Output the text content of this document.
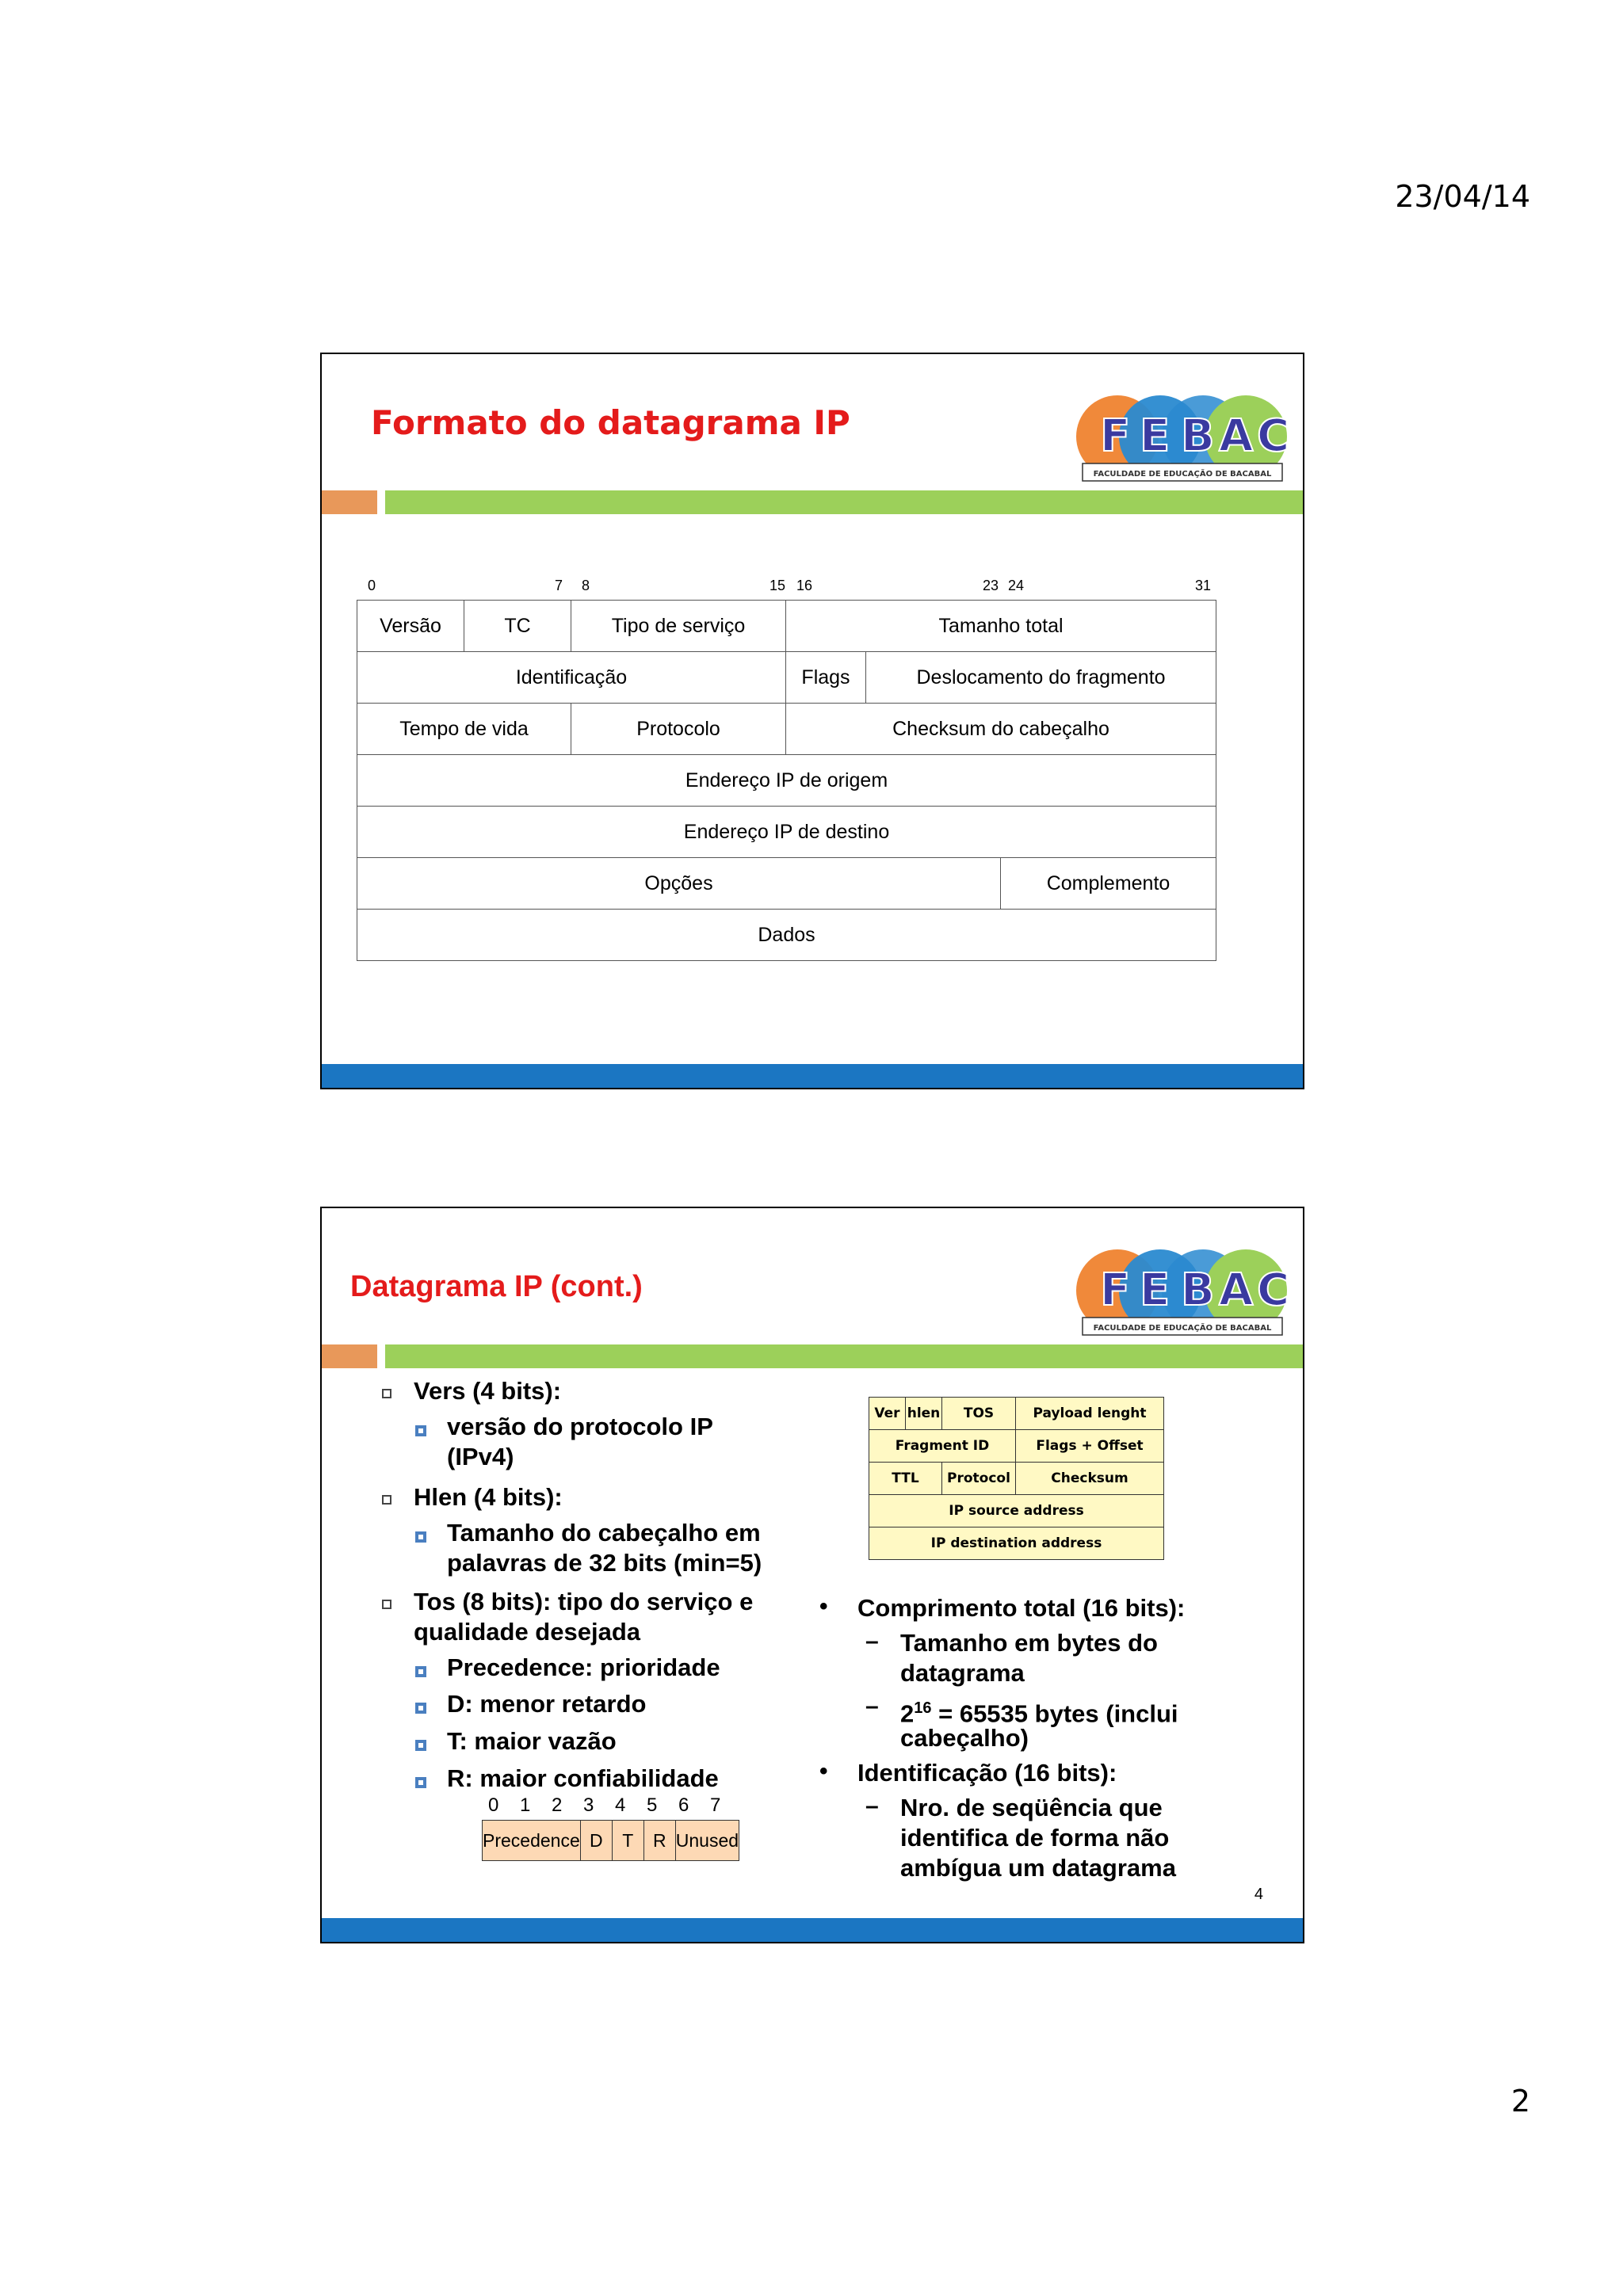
23/04/14
Formato do datagrama IP
FACULDADE DE EDUCAÇÃO DE BACABAL
F E B A C
0	7 8	15 16	23 24	31
Versão	TC	Tipo de serviço	Tamanho total		
Identificação			Flags	Deslocamento do fragmento	
Tempo de vida		Protocolo	Checksum do cabeçalho		
Endereço IP de origem					
Endereço IP de destino					
Opções					Complemento
Dados					
Datagrama IP (cont.)
FACULDADE DE EDUCAÇÃO DE BACABAL
F E B A C
Vers (4 bits):
versão do protocolo IP
(IPv4)
Hlen (4 bits):
Tamanho do cabeçalho em
palavras de 32 bits (min=5)
Tos (8 bits): tipo do serviço e
qualidade desejada
Precedence: prioridade
D: menor retardo
T: maior vazão
R: maior confiabilidade
0 1 2 3 4 5 6 7
Precedence	D	T	R	Unused
Ver	hlen	TOS	Payload lenght
Fragment ID			Flags + Offset
TTL		Protocol	Checksum
IP source address			
IP destination address			
• Comprimento total (16 bits):
– Tamanho em bytes do
datagrama
– $2^{16} = 65535$ bytes (inclui
cabeçalho)
• Identificação (16 bits):
– Nro. de seqüência que
identifica de forma não
ambígua um datagrama
4
2
